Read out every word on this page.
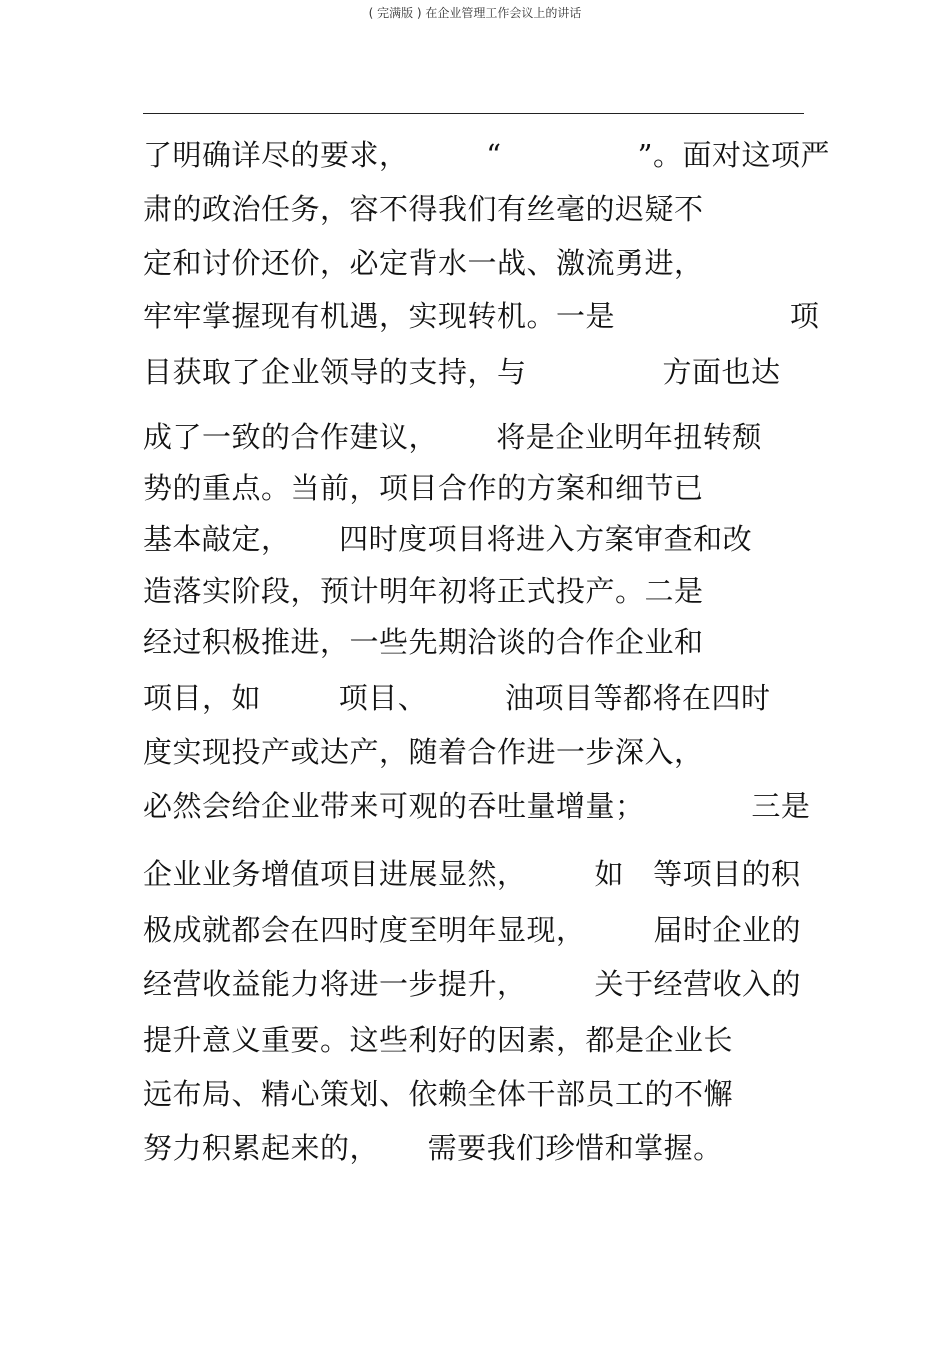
( 完满版 ) 在企业管理工作会议上的讲话
了明确详尽的要求，        “              ”。面对这项严
肃的政治任务，容不得我们有丝毫的迟疑不
定和讨价还价，必定背水一战、激流勇进，
牢牢掌握现有机遇，实现转机。一是                  项
目获取了企业领导的支持，与              方面也达
成了一致的合作建议，      将是企业明年扭转颓
势的重点。当前，项目合作的方案和细节已
基本敲定，     四时度项目将进入方案审查和改
造落实阶段，预计明年初将正式投产。二是
经过积极推进，一些先期洽谈的合作企业和
项目，如        项目、        油项目等都将在四时
度实现投产或达产，随着合作进一步深入，
必然会给企业带来可观的吞吐量增量；           三是
企业业务增值项目进展显然，       如   等项目的积
极成就都会在四时度至明年显现，       届时企业的
经营收益能力将进一步提升，       关于经营收入的
提升意义重要。这些利好的因素，都是企业长
远布局、精心策划、依赖全体干部员工的不懈
努力积累起来的，     需要我们珍惜和掌握。
